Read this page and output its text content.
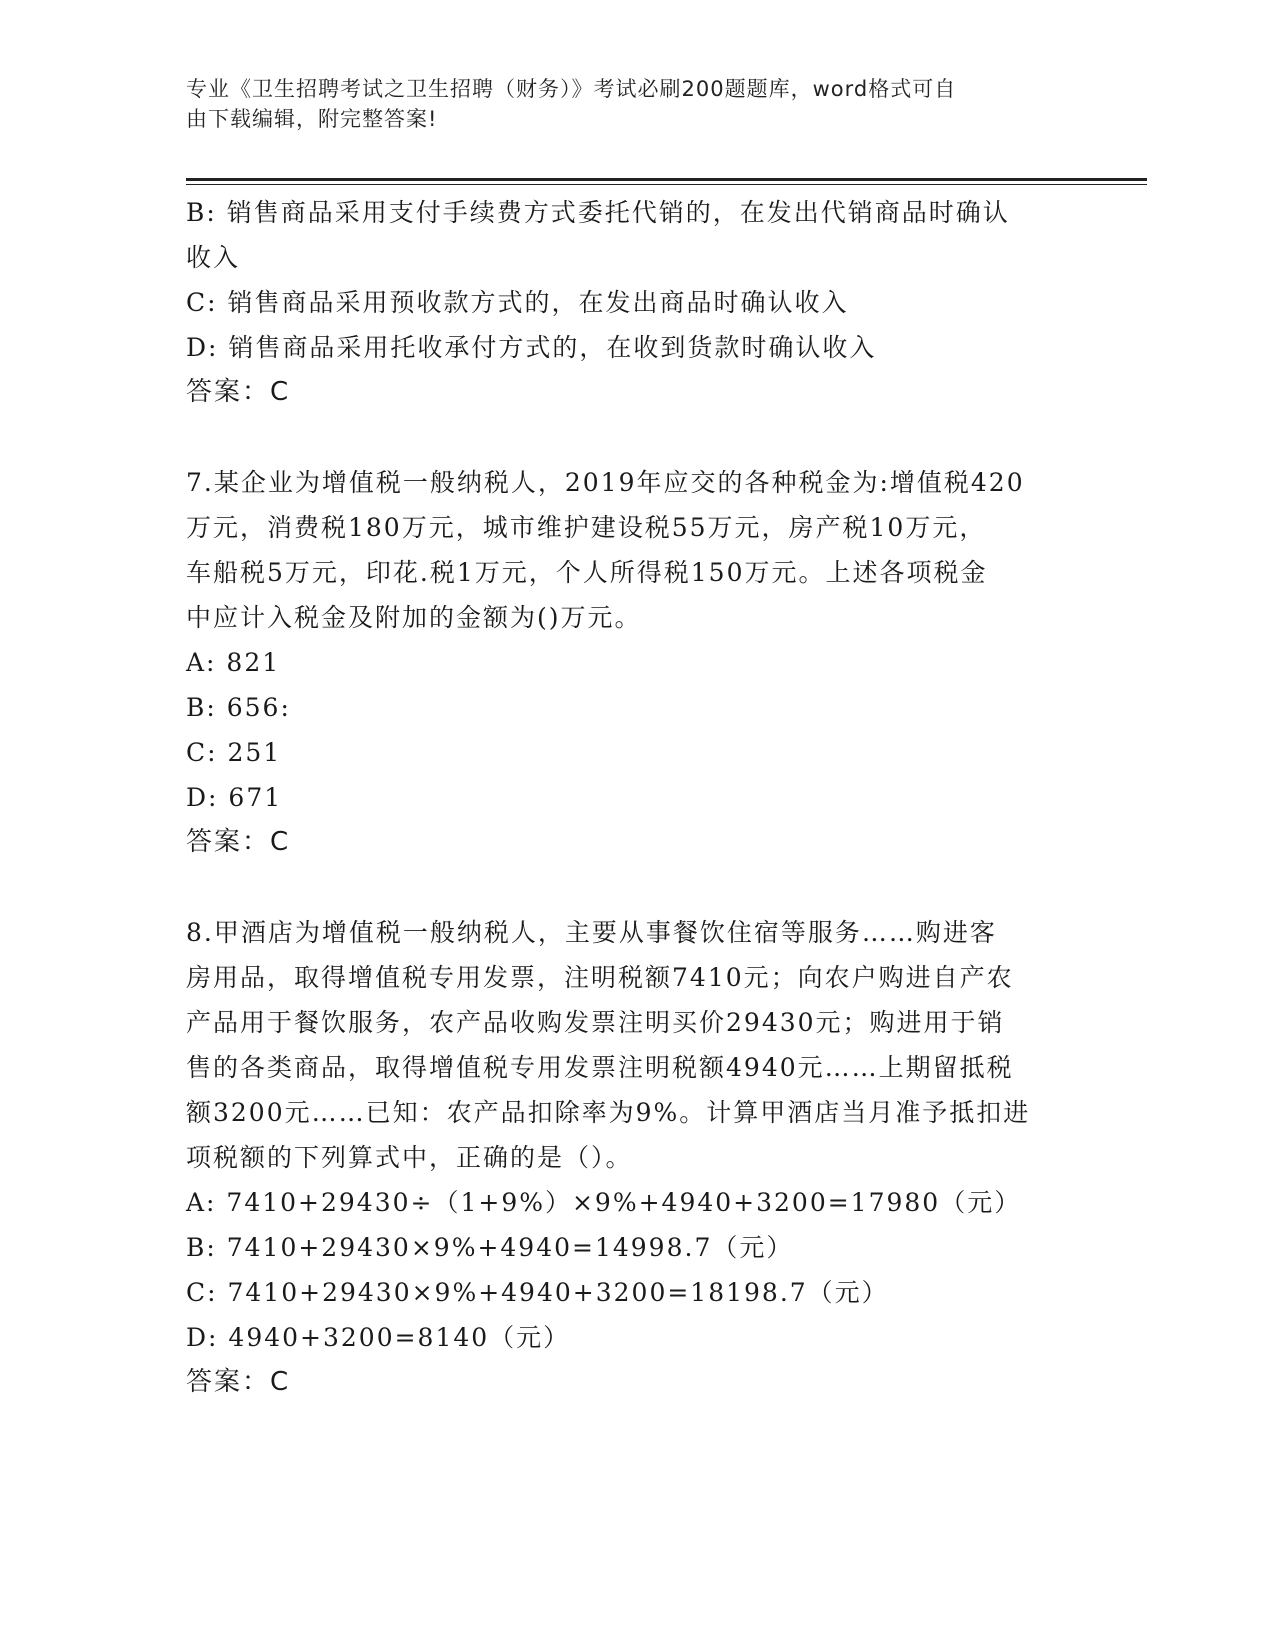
专业《卫生招聘考试之卫生招聘（财务）》考试必刷200题题库，word格式可自
由下载编辑，附完整答案!
B: 销售商品采用支付手续费方式委托代销的，在发出代销商品时确认
收入
C: 销售商品采用预收款方式的，在发出商品时确认收入
D: 销售商品采用托收承付方式的，在收到货款时确认收入
答案：C
7.某企业为增值税一般纳税人，2019年应交的各种税金为:增值税420
万元，消费税180万元，城市维护建设税55万元，房产税10万元，
车船税5万元，印花.税1万元，个人所得税150万元。上述各项税金
中应计入税金及附加的金额为()万元。
A: 821
B: 656:
C: 251
D: 671
答案：C
8.甲酒店为增值税一般纳税人，主要从事餐饮住宿等服务……购进客
房用品，取得增值税专用发票，注明税额7410元；向农户购进自产农
产品用于餐饮服务，农产品收购发票注明买价29430元；购进用于销
售的各类商品，取得增值税专用发票注明税额4940元……上期留抵税
额3200元……已知：农产品扣除率为9%。计算甲酒店当月准予抵扣进
项税额的下列算式中，正确的是（）。
A: 7410+29430÷（1+9%）×9%+4940+3200=17980（元）
B: 7410+29430×9%+4940=14998.7（元）
C: 7410+29430×9%+4940+3200=18198.7（元）
D: 4940+3200=8140（元）
答案：C
